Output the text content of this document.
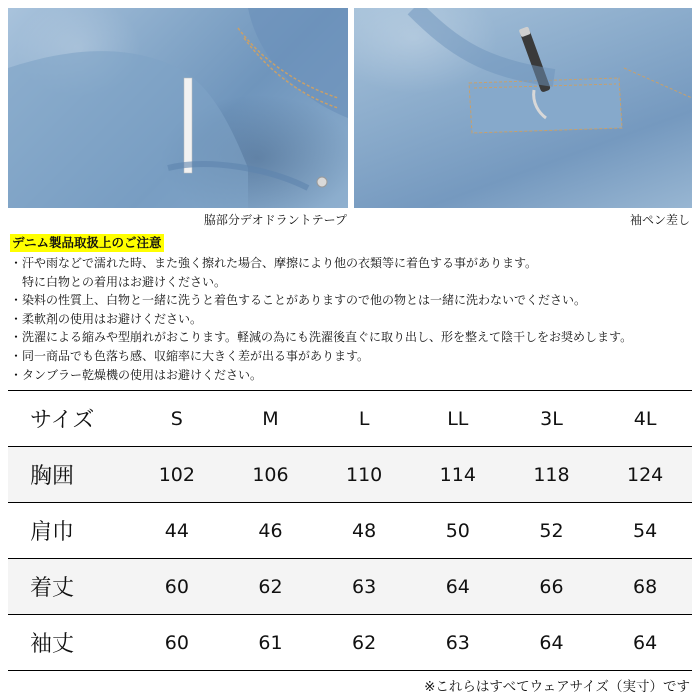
脇部分デオドラントテープ	袖ペン差し
デニム製品取扱上のご注意
・汗や雨などで濡れた時、また強く擦れた場合、摩擦により他の衣類等に着色する事があります。
特に白物との着用はお避けください。
・染料の性質上、白物と一緒に洗うと着色することがありますので他の物とは一緒に洗わないでください。
・柔軟剤の使用はお避けください。
・洗濯による縮みや型崩れがおこります。軽減の為にも洗濯後直ぐに取り出し、形を整えて陰干しをお奨めします。
・同一商品でも色落ち感、収縮率に大きく差が出る事があります。
・タンブラー乾燥機の使用はお避けください。
サイズ	S	M	L	LL	3L	4L
胸囲	102	106	110	114	118	124
肩巾	44	46	48	50	52	54
着丈	60	62	63	64	66	68
袖丈	60	61	62	63	64	64
※これらはすべてウェアサイズ（実寸）です
